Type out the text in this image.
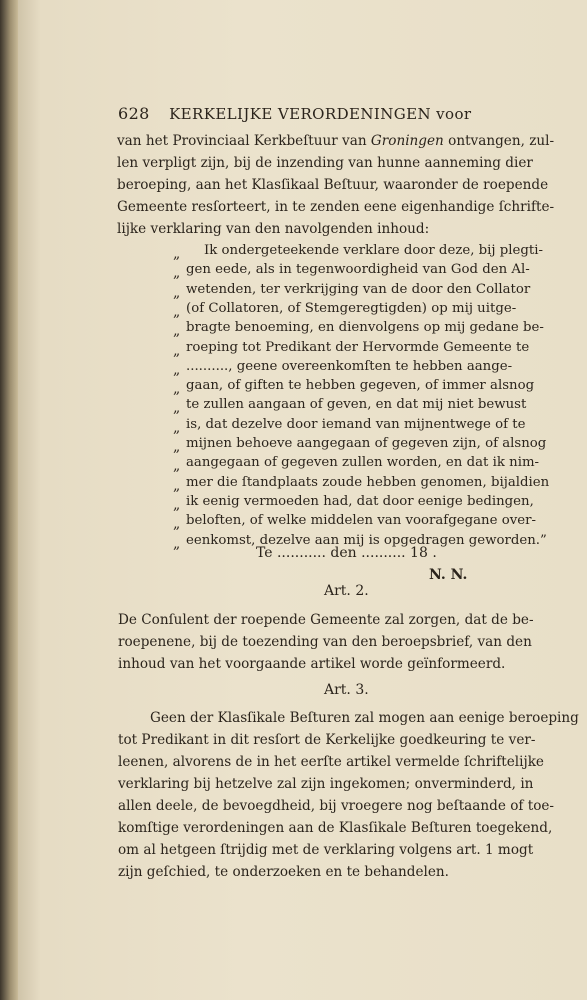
628 KERKELIJKE VERORDENINGEN voor
van het Provinciaal Kerkbeſtuur van Groningen ontvangen, zul-
len verpligt zijn, bij de inzending van hunne aanneming dier
beroeping, aan het Klasſikaal Beſtuur, waaronder de roepende
Gemeente resſorteert, in te zenden eene eigenhandige ſchrifte-
lijke verklaring van den navolgenden inhoud:
„	Ik ondergeteekende verklare door deze, bij plegti-
„ gen eede, als in tegenwoordigheid van God den Al-
„ wetenden, ter verkrijging van de door den Collator
„ (of Collatoren, of Stemgeregtigden) op mij uitge-
„ bragte benoeming, en dienvolgens op mij gedane be-
„ roeping tot Predikant der Hervormde Gemeente te
„ .........., geene overeenkomſten te hebben aange-
„ gaan, of giften te hebben gegeven, of immer alsnog
„ te zullen aangaan of geven, en dat mij niet bewust
„ is, dat dezelve door iemand van mijnentwege of te
„ mijnen behoeve aangegaan of gegeven zijn, of alsnog
„ aangegaan of gegeven zullen worden, en dat ik nim-
„ mer die ſtandplaats zoude hebben genomen, bijaldien
„ ik eenig vermoeden had, dat door eenige bedingen,
„ beloften, of welke middelen van voorafgegane over-
„ eenkomst, dezelve aan mij is opgedragen geworden.”
Te ........... den .......... 18 .
N. N.
Art. 2.
De Conſulent der roepende Gemeente zal zorgen, dat de be-
roepenene, bij de toezending van den beroepsbrief, van den
inhoud van het voorgaande artikel worde geïnformeerd.
Art. 3.
Geen der Klasſikale Beſturen zal mogen aan eenige beroeping
tot Predikant in dit resſort de Kerkelijke goedkeuring te ver-
leenen, alvorens de in het eerſte artikel vermelde ſchriftelijke
verklaring bij hetzelve zal zijn ingekomen; onverminderd, in
allen deele, de bevoegdheid, bij vroegere nog beſtaande of toe-
komſtige verordeningen aan de Klasſikale Beſturen toegekend,
om al hetgeen ſtrijdig met de verklaring volgens art. 1 mogt
zijn geſchied, te onderzoeken en te behandelen.
